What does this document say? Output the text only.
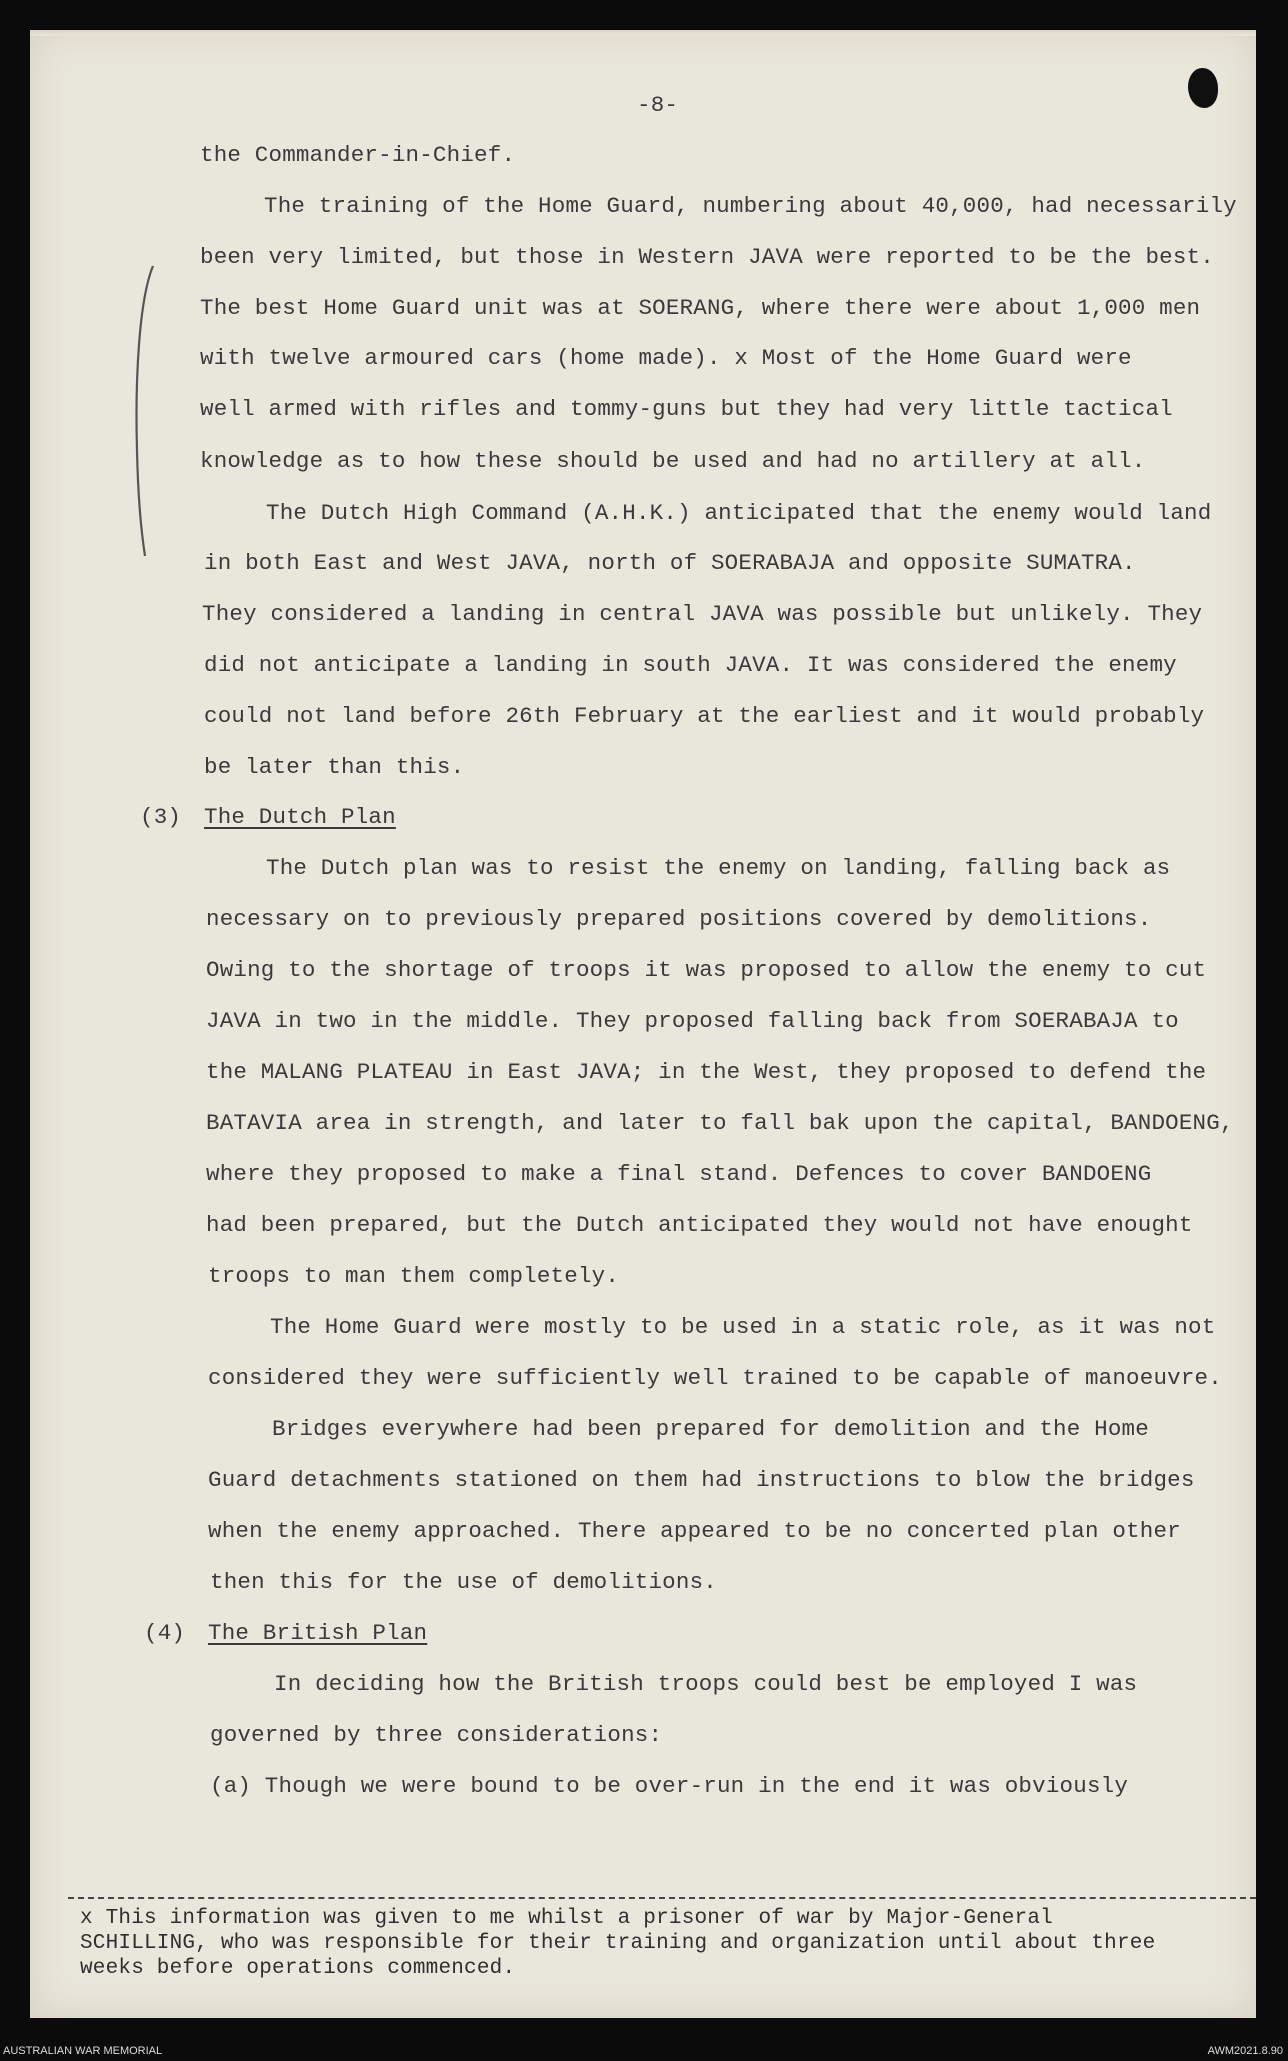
-8-
the Commander-in-Chief.
The training of the Home Guard, numbering about 40,000, had necessarily
been very limited, but those in Western JAVA were reported to be the best.
The best Home Guard unit was at SOERANG, where there were about 1,000 men
with twelve armoured cars (home made). x Most of the Home Guard were
well armed with rifles and tommy-guns but they had very little tactical
knowledge as to how these should be used and had no artillery at all.
The Dutch High Command (A.H.K.) anticipated that the enemy would land
in both East and West JAVA, north of SOERABAJA and opposite SUMATRA.
They considered a landing in central JAVA was possible but unlikely. They
did not anticipate a landing in south JAVA. It was considered the enemy
could not land before 26th February at the earliest and it would probably
be later than this.
(3) The Dutch Plan
The Dutch plan was to resist the enemy on landing, falling back as
necessary on to previously prepared positions covered by demolitions.
Owing to the shortage of troops it was proposed to allow the enemy to cut
JAVA in two in the middle. They proposed falling back from SOERABAJA to
the MALANG PLATEAU in East JAVA; in the West, they proposed to defend the
BATAVIA area in strength, and later to fall bak upon the capital, BANDOENG,
where they proposed to make a final stand. Defences to cover BANDOENG
had been prepared, but the Dutch anticipated they would not have enought
troops to man them completely.
The Home Guard were mostly to be used in a static role, as it was not
considered they were sufficiently well trained to be capable of manoeuvre.
Bridges everywhere had been prepared for demolition and the Home
Guard detachments stationed on them had instructions to blow the bridges
when the enemy approached. There appeared to be no concerted plan other
then this for the use of demolitions.
(4) The British Plan
In deciding how the British troops could best be employed I was
governed by three considerations:
(a) Though we were bound to be over-run in the end it was obviously
x This information was given to me whilst a prisoner of war by Major-General
SCHILLING, who was responsible for their training and organization until about three
weeks before operations commenced.
AUSTRALIAN WAR MEMORIAL	AWM2021.8.90
